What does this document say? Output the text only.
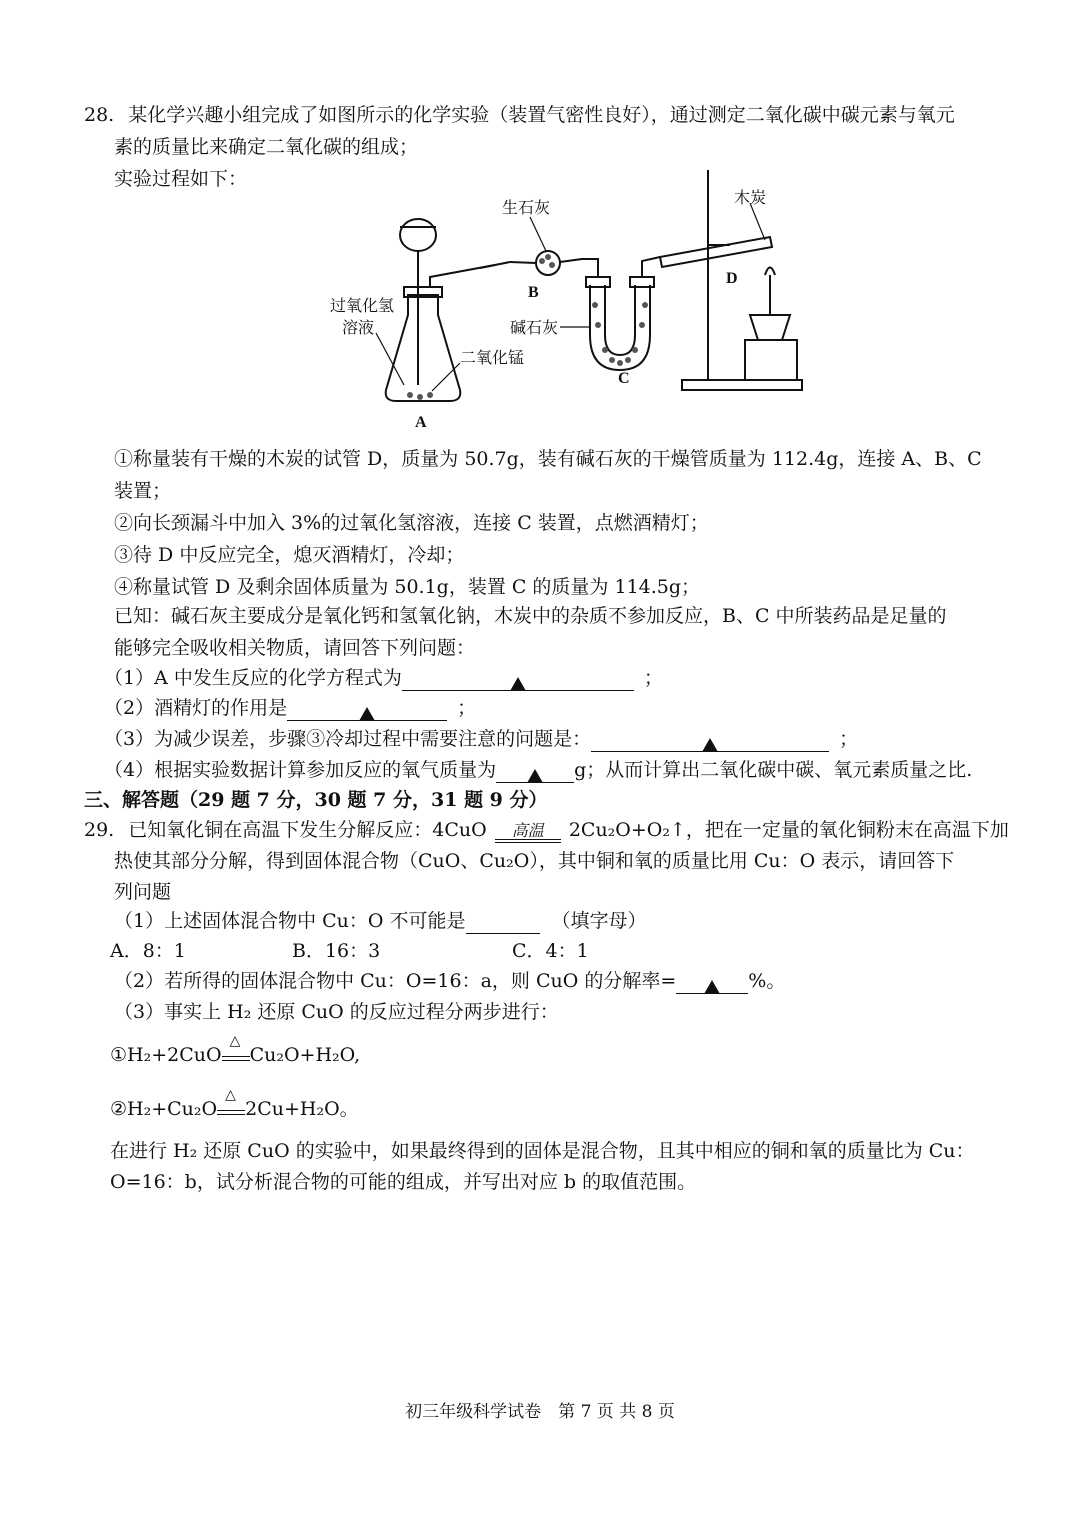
28. 某化学兴趣小组完成了如图所示的化学实验（装置气密性良好），通过测定二氧化碳中碳元素与氧元
素的质量比来确定二氧化碳的组成；
实验过程如下：
生石灰
木炭
过氧化氢
溶液
二氧化锰
碱石灰
A
B
C
D
①称量装有干燥的木炭的试管 D，质量为 50.7g，装有碱石灰的干燥管质量为 112.4g，连接 A、B、C
装置；
②向长颈漏斗中加入 3%的过氧化氢溶液，连接 C 装置，点燃酒精灯；
③待 D 中反应完全，熄灭酒精灯，冷却；
④称量试管 D 及剩余固体质量为 50.1g，装置 C 的质量为 114.5g；
已知：碱石灰主要成分是氧化钙和氢氧化钠，木炭中的杂质不参加反应，B、C 中所装药品是足量的
能够完全吸收相关物质，请回答下列问题：
（1）A 中发生反应的化学方程式为	；
（2）酒精灯的作用是	；
（3）为减少误差，步骤③冷却过程中需要注意的问题是：	；
（4）根据实验数据计算参加反应的氧气质量为	g；从而计算出二氧化碳中碳、氧元素质量之比.
三、解答题（29 题 7 分，30 题 7 分，31 题 9 分）
29. 已知氧化铜在高温下发生分解反应：4CuO 高温 2Cu₂O+O₂↑，把在一定量的氧化铜粉末在高温下加
热使其部分分解，得到固体混合物（CuO、Cu₂O），其中铜和氧的质量比用 Cu：O 表示，请回答下
列问题
（1）上述固体混合物中 Cu：O 不可能是	（填字母）
A．8：1	B．16：3	C．4：1
（2）若所得的固体混合物中 Cu：O=16：a，则 CuO 的分解率=	%。
（3）事实上 H₂ 还原 CuO 的反应过程分两步进行：
①H₂+2CuO
△
Cu₂O+H₂O,
②H₂+Cu₂O
△
2Cu+H₂O。
在进行 H₂ 还原 CuO 的实验中，如果最终得到的固体是混合物，且其中相应的铜和氧的质量比为 Cu：
O=16：b，试分析混合物的可能的组成，并写出对应 b 的取值范围。
初三年级科学试卷　第 7 页 共 8 页
